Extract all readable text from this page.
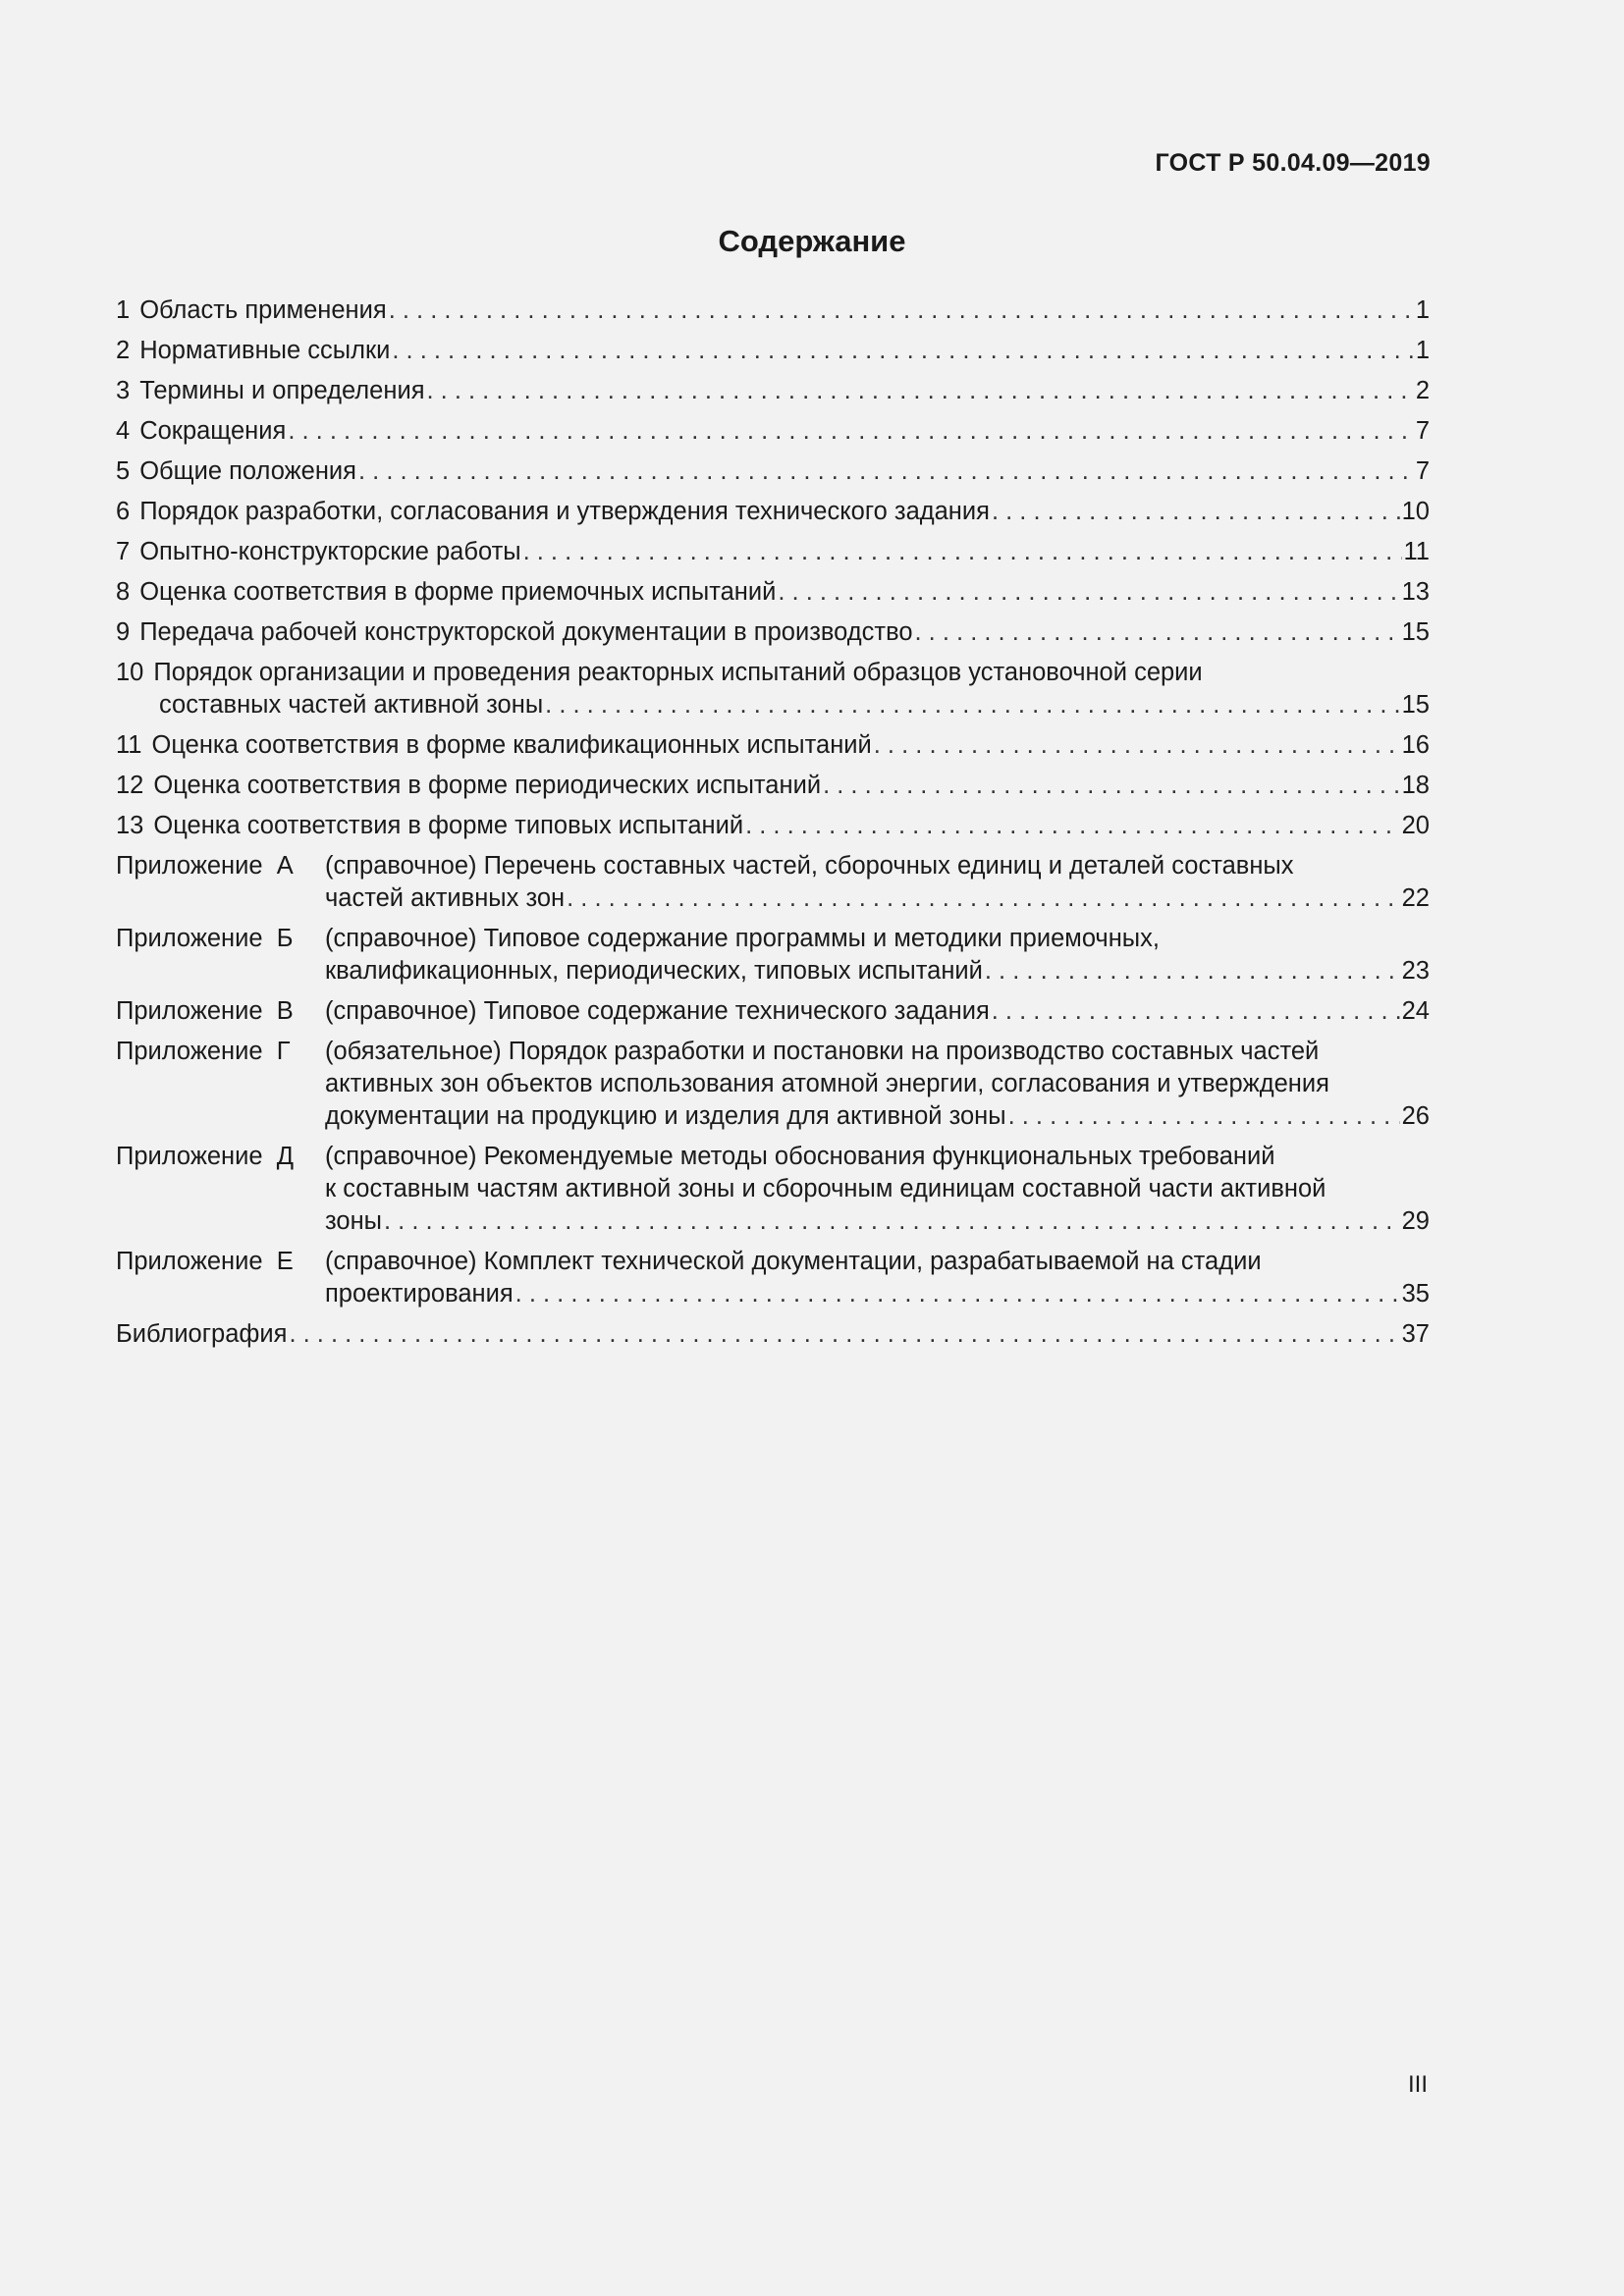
ГОСТ Р 50.04.09—2019
Содержание
1 Область применения . . .	1
2 Нормативные ссылки . . .	1
3 Термины и определения . . .	2
4 Сокращения . . .	7
5 Общие положения . . .	7
6 Порядок разработки, согласования и утверждения технического задания . . .	10
7 Опытно-конструкторские работы . . .	11
8 Оценка соответствия в форме приемочных испытаний . . .	13
9 Передача рабочей конструкторской документации в производство . . .	15
10 Порядок организации и проведения реакторных испытаний образцов установочной серии
составных частей активной зоны . . .	15
11 Оценка соответствия в форме квалификационных испытаний . . .	16
12 Оценка соответствия в форме периодических испытаний . . .	18
13 Оценка соответствия в форме типовых испытаний . . .	20
Приложение  А	(справочное) Перечень составных частей, сборочных единиц и деталей составных
частей активных зон . . .	22
Приложение  Б	(справочное) Типовое содержание программы и методики приемочных,
квалификационных, периодических, типовых испытаний . . .	23
Приложение  В	(справочное) Типовое содержание технического задания . . .	24
Приложение  Г	(обязательное) Порядок разработки и постановки на производство составных частей
активных зон объектов использования атомной энергии, согласования и утверждения
документации на продукцию и изделия для активной зоны . . .	26
Приложение  Д	(справочное) Рекомендуемые методы обоснования функциональных требований
к составным частям активной зоны и сборочным единицам составной части активной
зоны . . .	29
Приложение  Е	(справочное) Комплект технической документации, разрабатываемой на стадии
проектирования . . .	35
Библиография . . .	37
III
